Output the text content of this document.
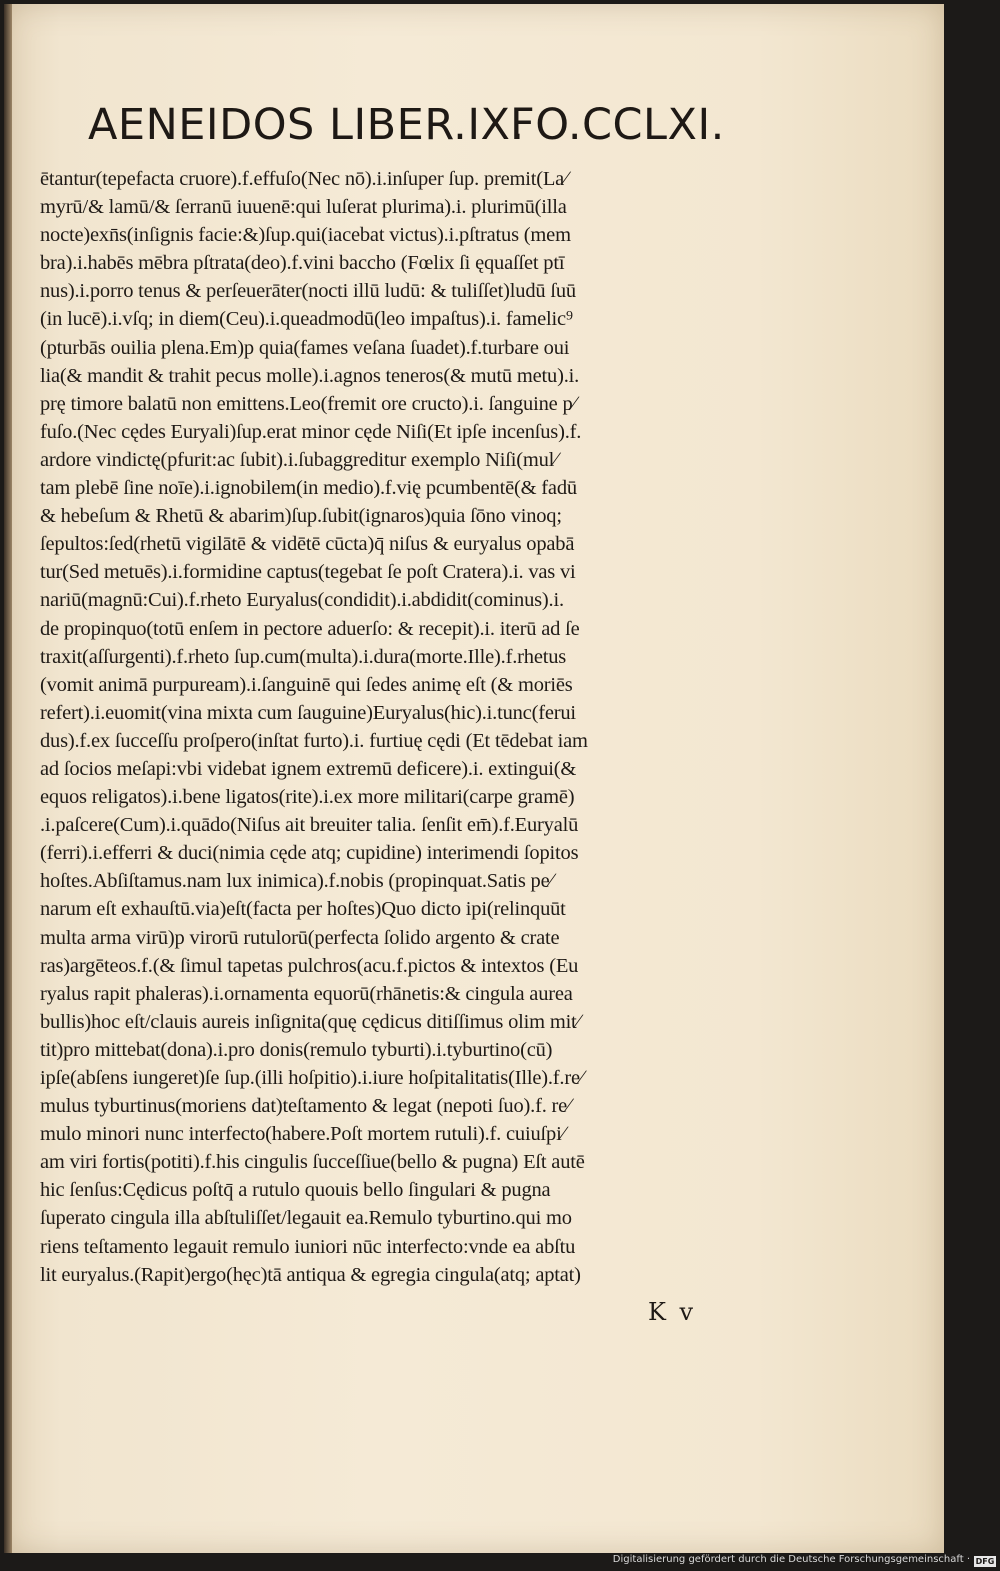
AENEIDOS LIBER.IX.
FO.CCLXI.
ētantur(tepefacta cruore).f.effuſo(Nec nō).i.inſuper ſup. premit(La∕
myrū/& lamū/& ſerranū iuuenē:qui luſerat plurima).i. plurimū(illa
nocte)exn̄s(inſignis facie:&)ſup.qui(iacebat victus).i.pſtratus (mem
bra).i.habēs mēbra pſtrata(deo).f.vini baccho (Fœlix ſi ęquaſſet ptī
nus).i.porro tenus & perſeuerāter(nocti illū ludū: & tuliſſet)ludū ſuū
(in lucē).i.vſq; in diem(Ceu).i.queadmodū(leo impaſtus).i. famelic⁹
(pturbās ouilia plena.Em)p quia(fames veſana ſuadet).f.turbare oui
lia(& mandit & trahit pecus molle).i.agnos teneros(& mutū metu).i.
prę timore balatū non emittens.Leo(fremit ore cructo).i. ſanguine p∕
fuſo.(Nec cędes Euryali)ſup.erat minor cęde Niſi(Et ipſe incenſus).f.
ardore vindictę(pfurit:ac ſubit).i.ſubaggreditur exemplo Niſi(mul∕
tam plebē ſine noīe).i.ignobilem(in medio).f.vię pcumbentē(& fadū
& hebeſum & Rhetū & abarim)ſup.ſubit(ignaros)quia ſōno vinoq;
ſepultos:ſed(rhetū vigilātē & vidētē cūcta)q̄ niſus & euryalus opabā
tur(Sed metuēs).i.formidine captus(tegebat ſe poſt Cratera).i. vas vi
nariū(magnū:Cui).f.rheto Euryalus(condidit).i.abdidit(cominus).i.
de propinquo(totū enſem in pectore aduerſo: & recepit).i. iterū ad ſe
traxit(aſſurgenti).f.rheto ſup.cum(multa).i.dura(morte.Ille).f.rhetus
(vomit animā purpuream).i.ſanguinē qui ſedes animę eſt (& moriēs
refert).i.euomit(vina mixta cum ſauguine)Euryalus(hic).i.tunc(ferui
dus).f.ex ſucceſſu proſpero(inſtat furto).i. furtiuę cędi (Et tēdebat iam
ad ſocios meſapi:vbi videbat ignem extremū deficere).i. extingui(&
equos religatos).i.bene ligatos(rite).i.ex more militari(carpe gramē)
.i.paſcere(Cum).i.quādo(Niſus ait breuiter talia. ſenſit em̄).f.Euryalū
(ferri).i.efferri & duci(nimia cęde atq; cupidine) interimendi ſopitos
hoſtes.Abſiſtamus.nam lux inimica).f.nobis (propinquat.Satis pe∕
narum eſt exhauſtū.via)eſt(facta per hoſtes)Quo dicto ipi(relinquūt
multa arma virū)p virorū rutulorū(perfecta ſolido argento & crate
ras)argēteos.f.(& ſimul tapetas pulchros(acu.f.pictos & intextos (Eu
ryalus rapit phaleras).i.ornamenta equorū(rhānetis:& cingula aurea
bullis)hoc eſt/clauis aureis inſignita(quę cędicus ditiſſimus olim mit∕
tit)pro mittebat(dona).i.pro donis(remulo tyburti).i.tyburtino(cū)
ipſe(abſens iungeret)ſe ſup.(illi hoſpitio).i.iure hoſpitalitatis(Ille).f.re∕
mulus tyburtinus(moriens dat)teſtamento & legat (nepoti ſuo).f. re∕
mulo minori nunc interfecto(habere.Poſt mortem rutuli).f. cuiuſpi∕
am viri fortis(potiti).f.his cingulis ſucceſſiue(bello & pugna) Eſt autē
hic ſenſus:Cędicus poſtq̄ a rutulo quouis bello ſingulari & pugna
ſuperato cingula illa abſtuliſſet/legauit ea.Remulo tyburtino.qui mo
riens teſtamento legauit remulo iuniori nūc interfecto:vnde ea abſtu
lit euryalus.(Rapit)ergo(hęc)tā antiqua & egregia cingula(atq; aptat)
K v
Digitalisierung gefördert durch die Deutsche Forschungsgemeinschaft · DFG
